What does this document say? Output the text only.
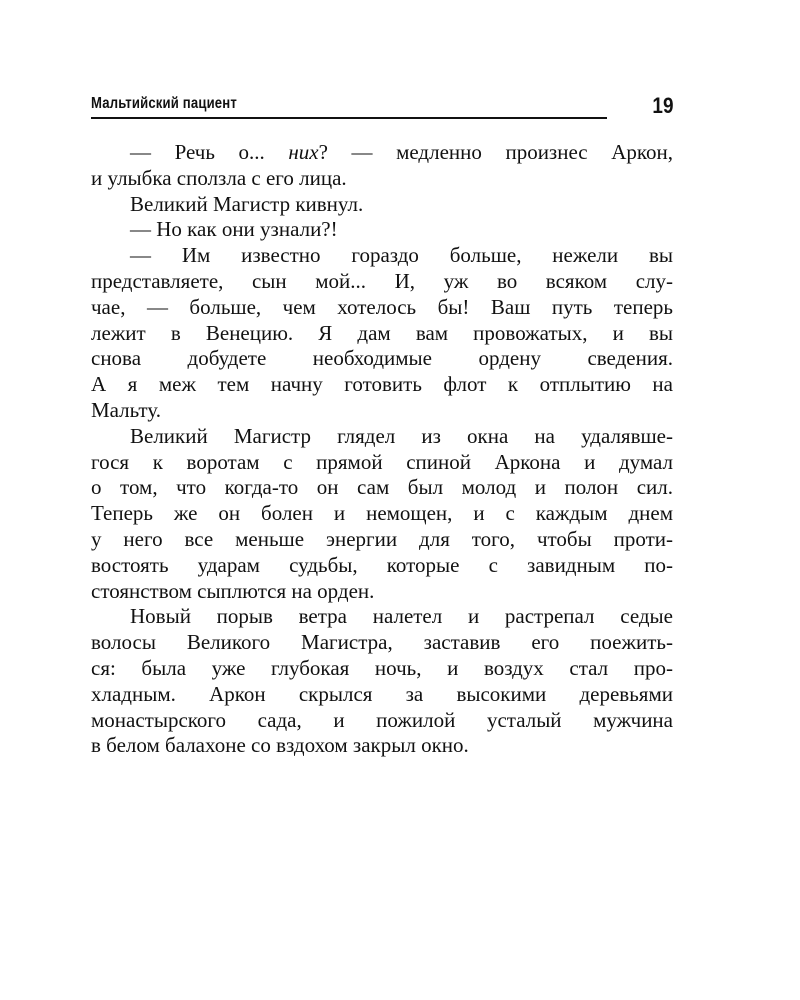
Мальтийский пациент	19
— Речь о... них? — медленно произнес Аркон,
и улыбка сползла с его лица.
Великий Магистр кивнул.
— Но как они узнали?!
— Им известно гораздо больше, нежели вы
представляете, сын мой... И, уж во всяком слу-
чае, — больше, чем хотелось бы! Ваш путь теперь
лежит в Венецию. Я дам вам провожатых, и вы
снова добудете необходимые ордену сведения.
А я меж тем начну готовить флот к отплытию на
Мальту.
Великий Магистр глядел из окна на удалявше-
гося к воротам с прямой спиной Аркона и думал
о том, что когда-то он сам был молод и полон сил.
Теперь же он болен и немощен, и с каждым днем
у него все меньше энергии для того, чтобы проти-
востоять ударам судьбы, которые с завидным по-
стоянством сыплются на орден.
Новый порыв ветра налетел и растрепал седые
волосы Великого Магистра, заставив его поежить-
ся: была уже глубокая ночь, и воздух стал про-
хладным. Аркон скрылся за высокими деревьями
монастырского сада, и пожилой усталый мужчина
в белом балахоне со вздохом закрыл окно.
